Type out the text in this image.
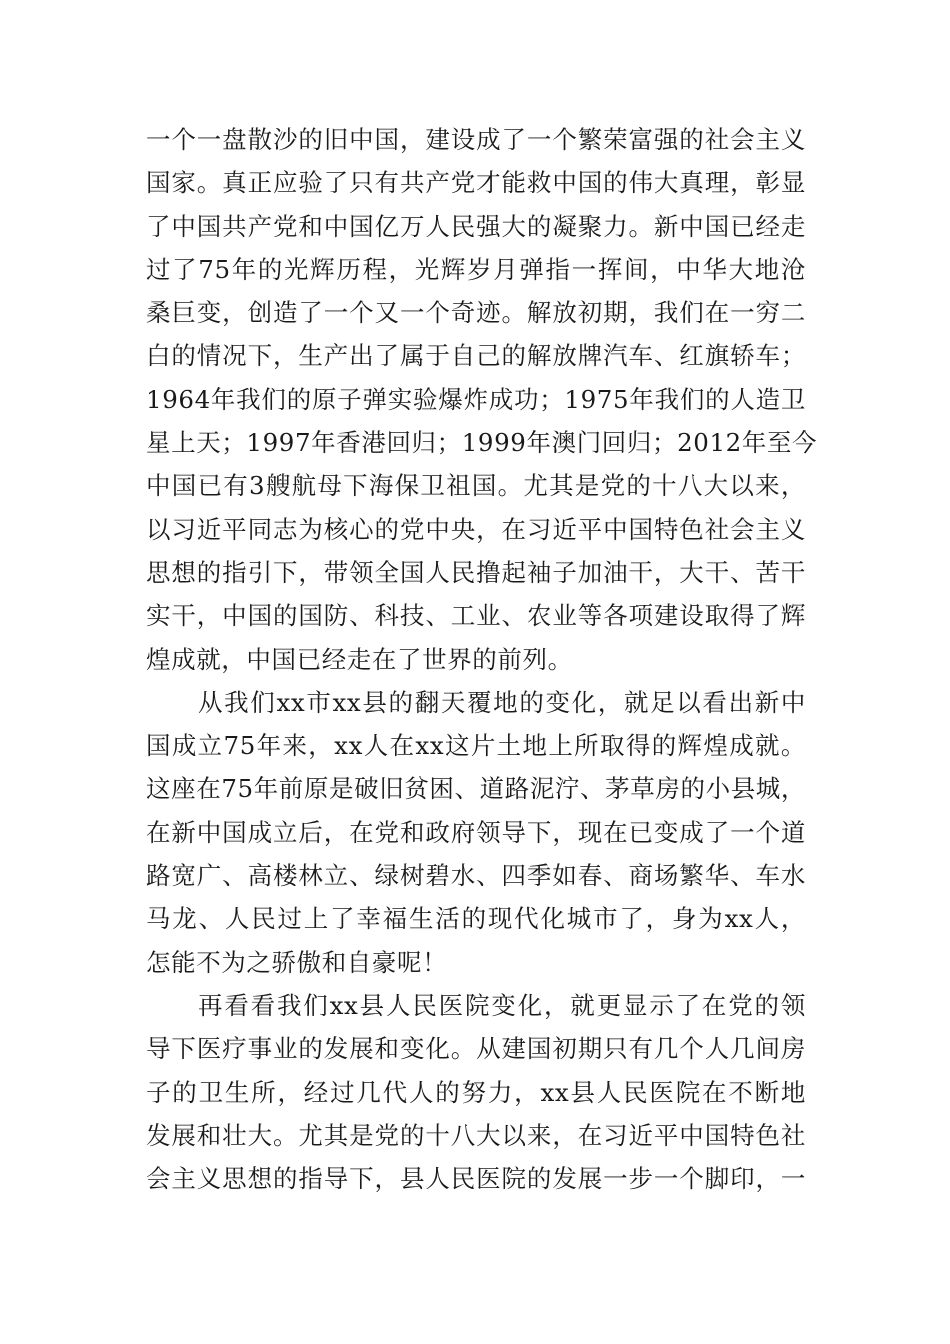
一个一盘散沙的旧中国，建设成了一个繁荣富强的社会主义
国家。真正应验了只有共产党才能救中国的伟大真理，彰显
了中国共产党和中国亿万人民强大的凝聚力。新中国已经走
过了75年的光辉历程，光辉岁月弹指一挥间，中华大地沧
桑巨变，创造了一个又一个奇迹。解放初期，我们在一穷二
白的情况下，生产出了属于自己的解放牌汽车、红旗轿车；
1964年我们的原子弹实验爆炸成功；1975年我们的人造卫
星上天；1997年香港回归；1999年澳门回归；2012年至今
中国已有3艘航母下海保卫祖国。尤其是党的十八大以来，
以习近平同志为核心的党中央，在习近平中国特色社会主义
思想的指引下，带领全国人民撸起袖子加油干，大干、苦干
实干，中国的国防、科技、工业、农业等各项建设取得了辉
煌成就，中国已经走在了世界的前列。
从我们xx市xx县的翻天覆地的变化，就足以看出新中
国成立75年来，xx人在xx这片土地上所取得的辉煌成就。
这座在75年前原是破旧贫困、道路泥泞、茅草房的小县城，
在新中国成立后，在党和政府领导下，现在已变成了一个道
路宽广、高楼林立、绿树碧水、四季如春、商场繁华、车水
马龙、人民过上了幸福生活的现代化城市了，身为xx人，
怎能不为之骄傲和自豪呢！
再看看我们xx县人民医院变化，就更显示了在党的领
导下医疗事业的发展和变化。从建国初期只有几个人几间房
子的卫生所，经过几代人的努力，xx县人民医院在不断地
发展和壮大。尤其是党的十八大以来，在习近平中国特色社
会主义思想的指导下，县人民医院的发展一步一个脚印，一
